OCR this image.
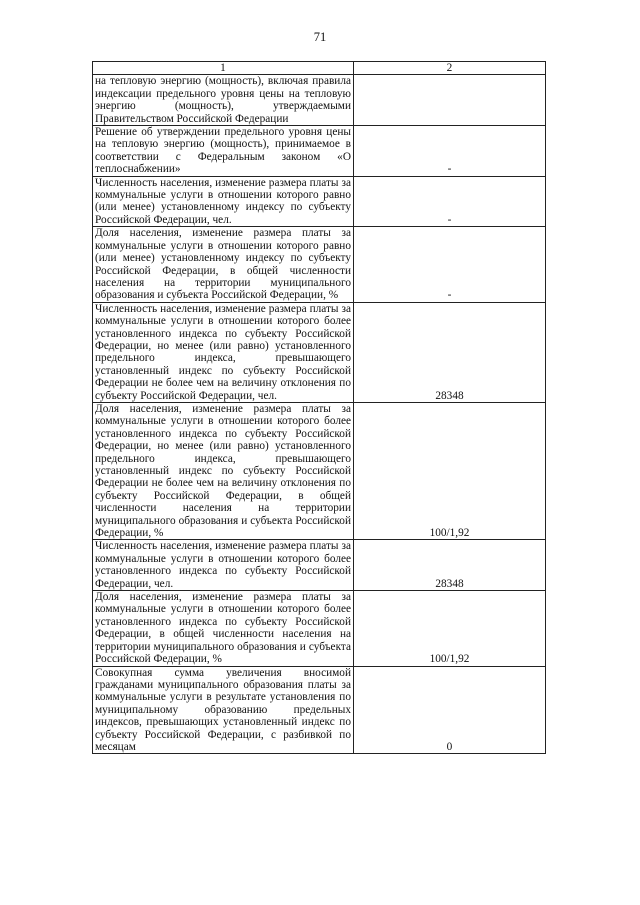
71
1	2
на тепловую энергию (мощность), включая правила индексации предельного уровня цены на тепловую энергию (мощность), утверждаемыми Правительством Российской Федерации	
Решение об утверждении предельного уровня цены на тепловую энергию (мощность), принимаемое в соответствии с Федеральным законом «О теплоснабжении»	-
Численность населения, изменение размера платы за коммунальные услуги в отношении которого равно (или менее) установленному индексу по субъекту Российской Федерации, чел.	-
Доля населения, изменение размера платы за коммунальные услуги в отношении которого равно (или менее) установленному индексу по субъекту Российской Федерации, в общей численности населения на территории муниципального образования и субъекта Российской Федерации, %	-
Численность населения, изменение размера платы за коммунальные услуги в отношении которого более установленного индекса по субъекту Российской Федерации, но менее (или равно) установленного предельного индекса, превышающего установленный индекс по субъекту Российской Федерации не более чем на величину отклонения по субъекту Российской Федерации, чел.	28348
Доля населения, изменение размера платы за коммунальные услуги в отношении которого более установленного индекса по субъекту Российской Федерации, но менее (или равно) установленного предельного индекса, превышающего установленный индекс по субъекту Российской Федерации не более чем на величину отклонения по субъекту Российской Федерации, в общей численности населения на территории муниципального образования и субъекта Российской Федерации, %	100/1,92
Численность населения, изменение размера платы за коммунальные услуги в отношении которого более установленного индекса по субъекту Российской Федерации, чел.	28348
Доля населения, изменение размера платы за коммунальные услуги в отношении которого более установленного индекса по субъекту Российской Федерации, в общей численности населения на территории муниципального образования и субъекта Российской Федерации, %	100/1,92
Совокупная сумма увеличения вносимой гражданами муниципального образования платы за коммунальные услуги в результате установления по муниципальному образованию предельных индексов, превышающих установленный индекс по субъекту Российской Федерации, с разбивкой по месяцам	0
